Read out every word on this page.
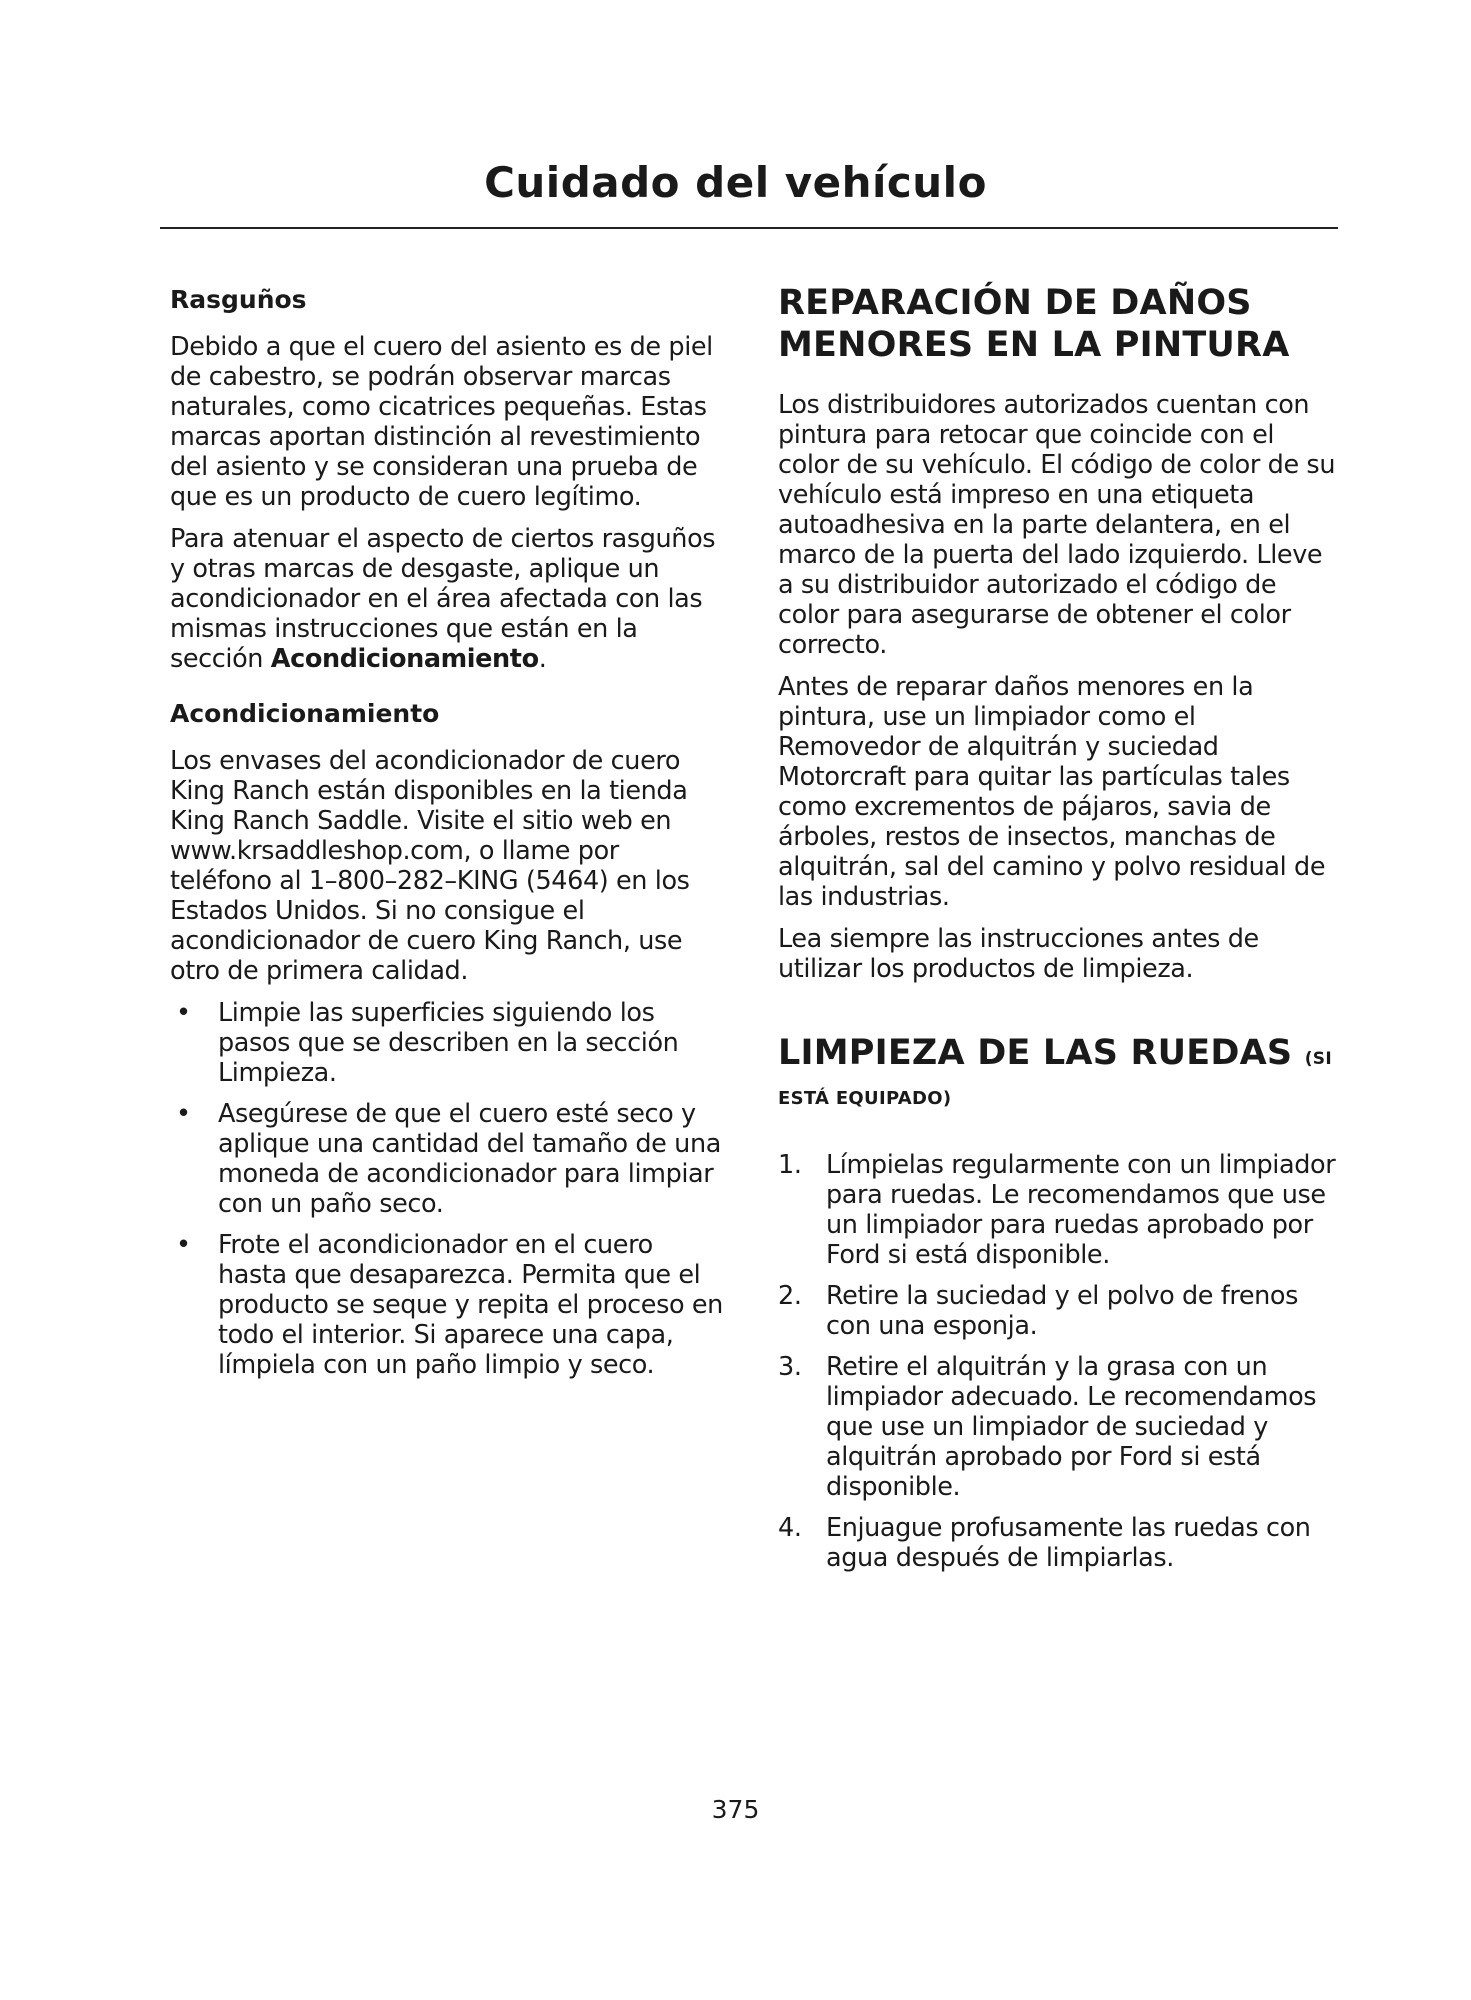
Cuidado del vehículo
Rasguños

Debido a que el cuero del asiento es de piel de cabestro, se podrán observar marcas naturales, como cicatrices pequeñas. Estas marcas aportan distinción al revestimiento del asiento y se consideran una prueba de que es un producto de cuero legítimo.

Para atenuar el aspecto de ciertos rasguños y otras marcas de desgaste, aplique un acondicionador en el área afectada con las mismas instrucciones que están en la sección Acondicionamiento.

Acondicionamiento

Los envases del acondicionador de cuero King Ranch están disponibles en la tienda King Ranch Saddle. Visite el sitio web en www.krsaddleshop.com, o llame por teléfono al 1–800–282–KING (5464) en los Estados Unidos. Si no consigue el acondicionador de cuero King Ranch, use otro de primera calidad.

• Limpie las superficies siguiendo los pasos que se describen en la sección Limpieza.
• Asegúrese de que el cuero esté seco y aplique una cantidad del tamaño de una moneda de acondicionador para limpiar con un paño seco.
• Frote el acondicionador en el cuero hasta que desaparezca. Permita que el producto se seque y repita el proceso en todo el interior. Si aparece una capa, límpiela con un paño limpio y seco.
REPARACIÓN DE DAÑOS MENORES EN LA PINTURA

Los distribuidores autorizados cuentan con pintura para retocar que coincide con el color de su vehículo. El código de color de su vehículo está impreso en una etiqueta autoadhesiva en la parte delantera, en el marco de la puerta del lado izquierdo. Lleve a su distribuidor autorizado el código de color para asegurarse de obtener el color correcto.

Antes de reparar daños menores en la pintura, use un limpiador como el Removedor de alquitrán y suciedad Motorcraft para quitar las partículas tales como excrementos de pájaros, savia de árboles, restos de insectos, manchas de alquitrán, sal del camino y polvo residual de las industrias.

Lea siempre las instrucciones antes de utilizar los productos de limpieza.

LIMPIEZA DE LAS RUEDAS (SI
ESTÁ EQUIPADO)
1. Límpielas regularmente con un limpiador para ruedas. Le recomendamos que use un limpiador para ruedas aprobado por Ford si está disponible.
2. Retire la suciedad y el polvo de frenos con una esponja.
3. Retire el alquitrán y la grasa con un limpiador adecuado. Le recomendamos que use un limpiador de suciedad y alquitrán aprobado por Ford si está disponible.
4. Enjuague profusamente las ruedas con agua después de limpiarlas.
375
